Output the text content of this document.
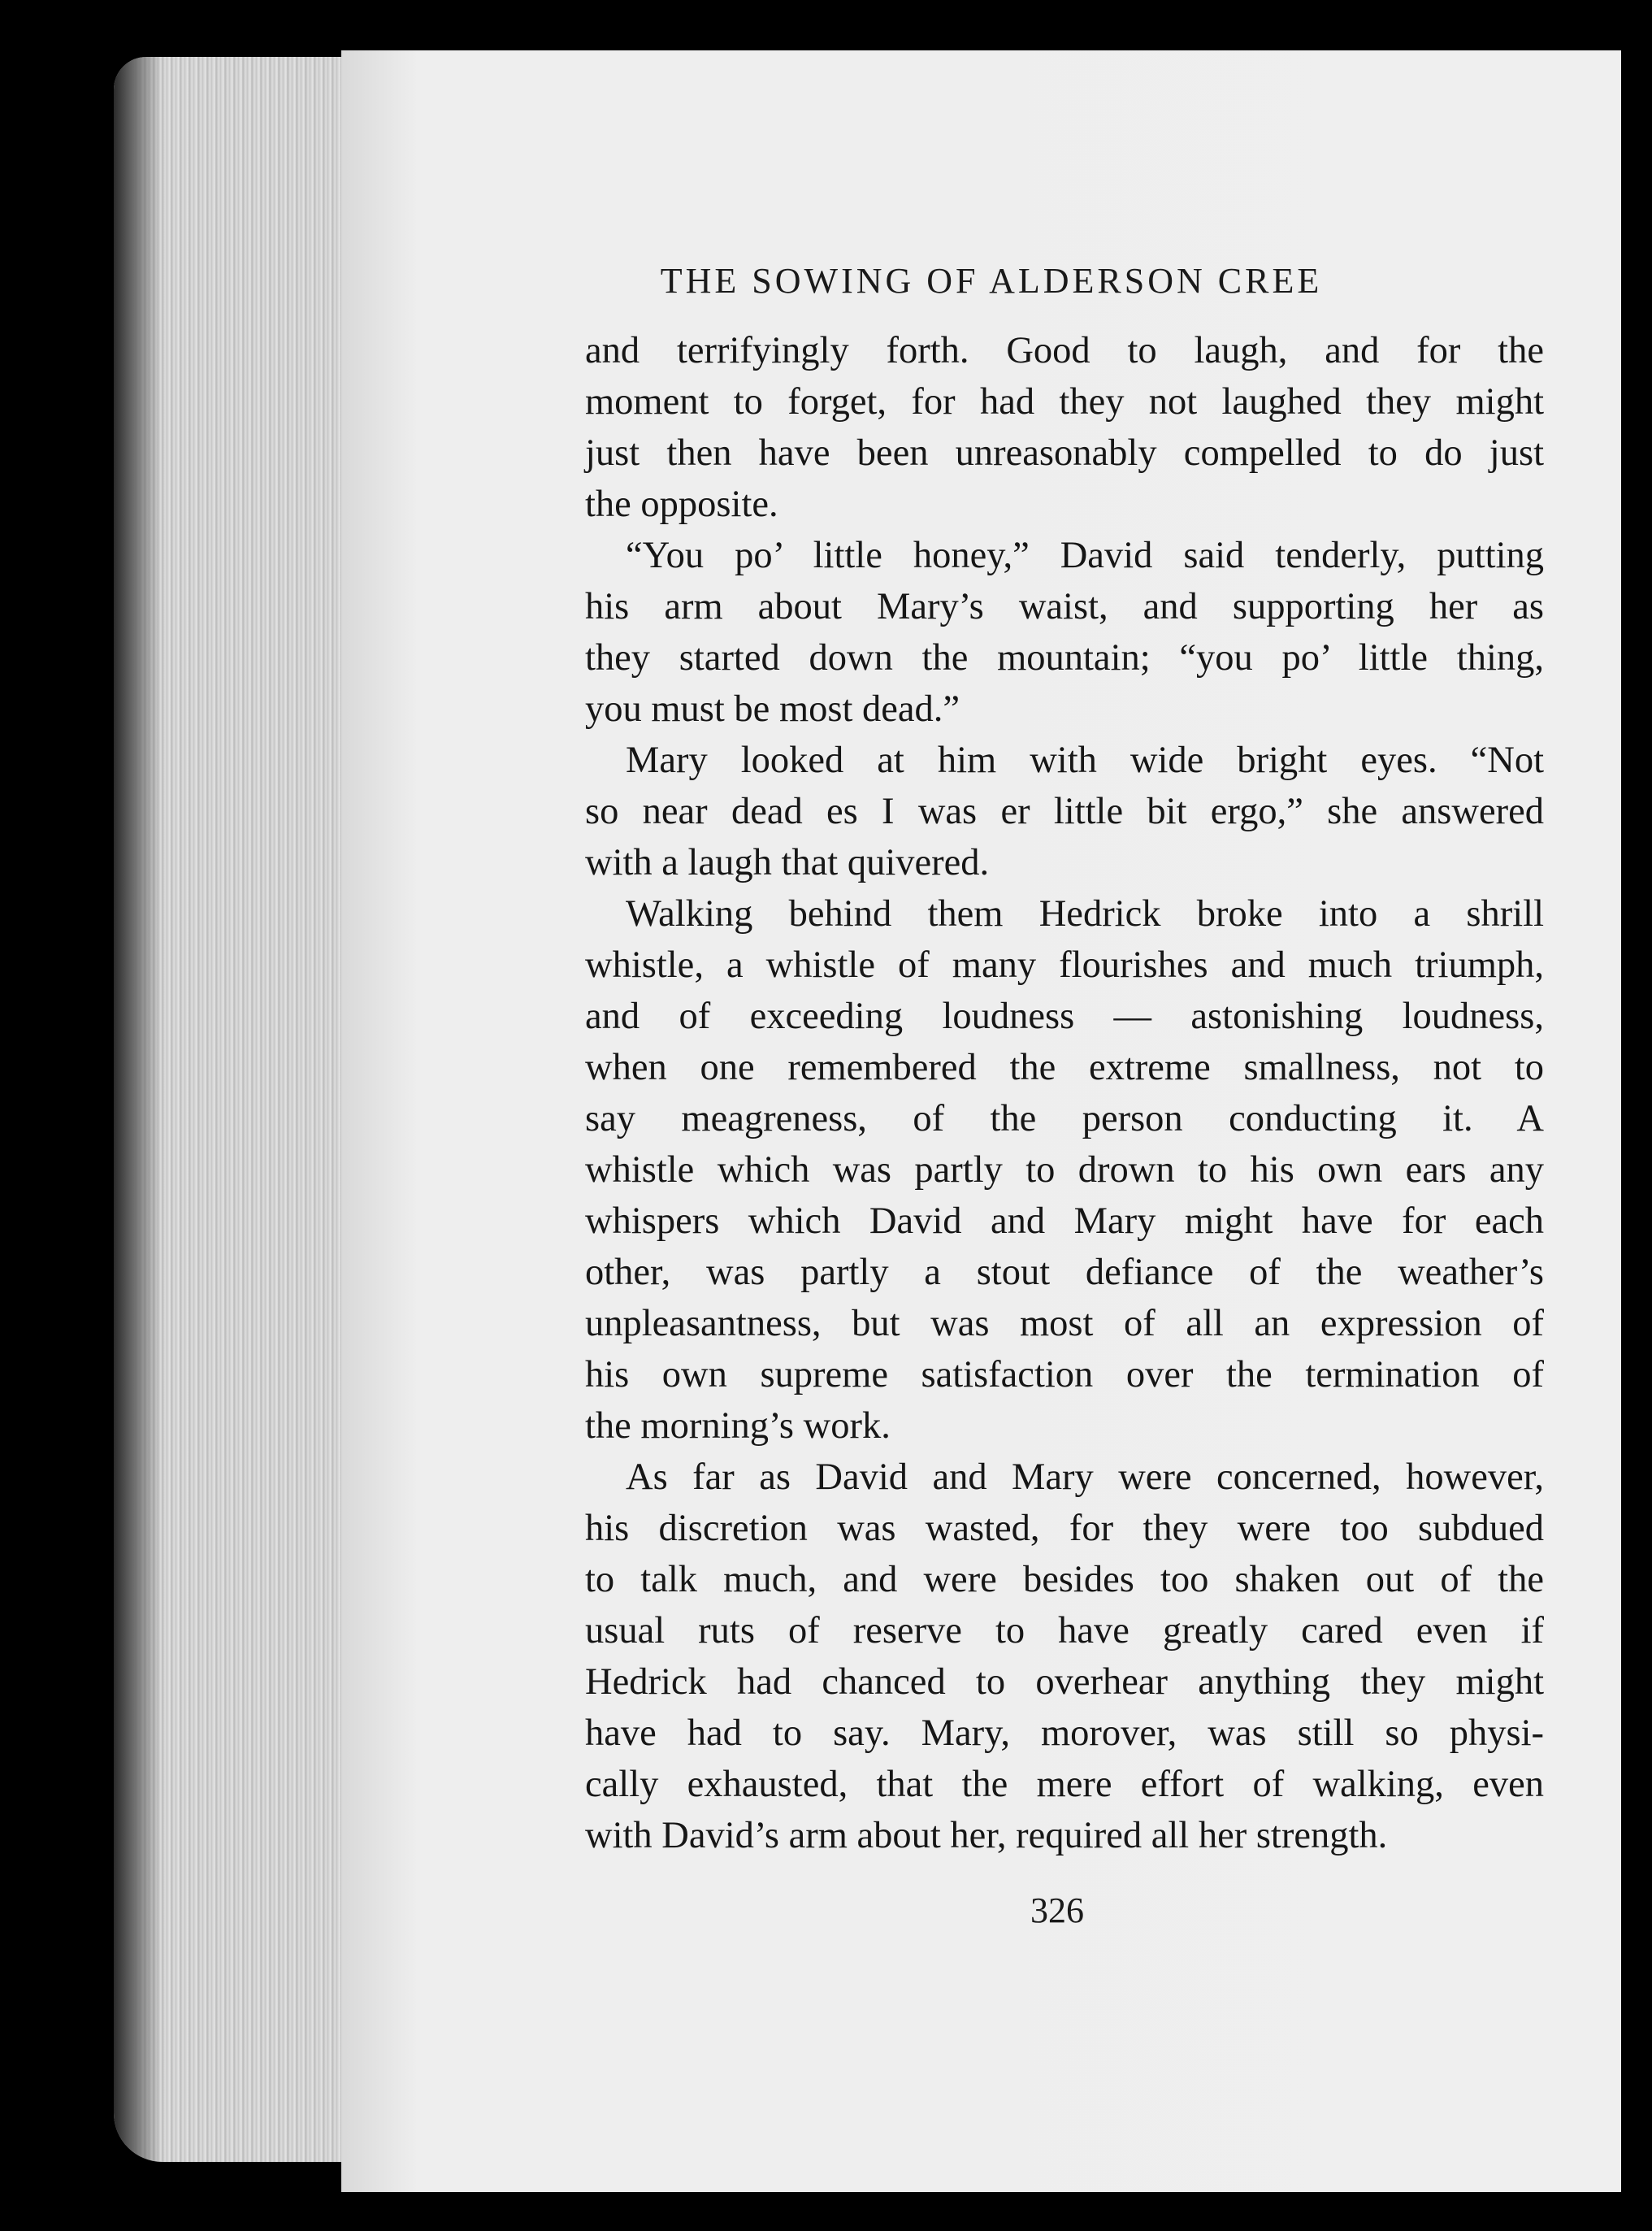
THE SOWING OF ALDERSON CREE
and terrifyingly forth. Good to laugh, and for the
moment to forget, for had they not laughed they might
just then have been unreasonably compelled to do just
the opposite.
“You po’ little honey,” David said tenderly, putting
his arm about Mary’s waist, and supporting her as
they started down the mountain; “you po’ little thing,
you must be most dead.”
Mary looked at him with wide bright eyes. “Not
so near dead es I was er little bit ergo,” she answered
with a laugh that quivered.
Walking behind them Hedrick broke into a shrill
whistle, a whistle of many flourishes and much triumph,
and of exceeding loudness — astonishing loudness,
when one remembered the extreme smallness, not to
say meagreness, of the person conducting it. A
whistle which was partly to drown to his own ears any
whispers which David and Mary might have for each
other, was partly a stout defiance of the weather’s
unpleasantness, but was most of all an expression of
his own supreme satisfaction over the termination of
the morning’s work.
As far as David and Mary were concerned, however,
his discretion was wasted, for they were too subdued
to talk much, and were besides too shaken out of the
usual ruts of reserve to have greatly cared even if
Hedrick had chanced to overhear anything they might
have had to say. Mary, morover, was still so physi-
cally exhausted, that the mere effort of walking, even
with David’s arm about her, required all her strength.
326
